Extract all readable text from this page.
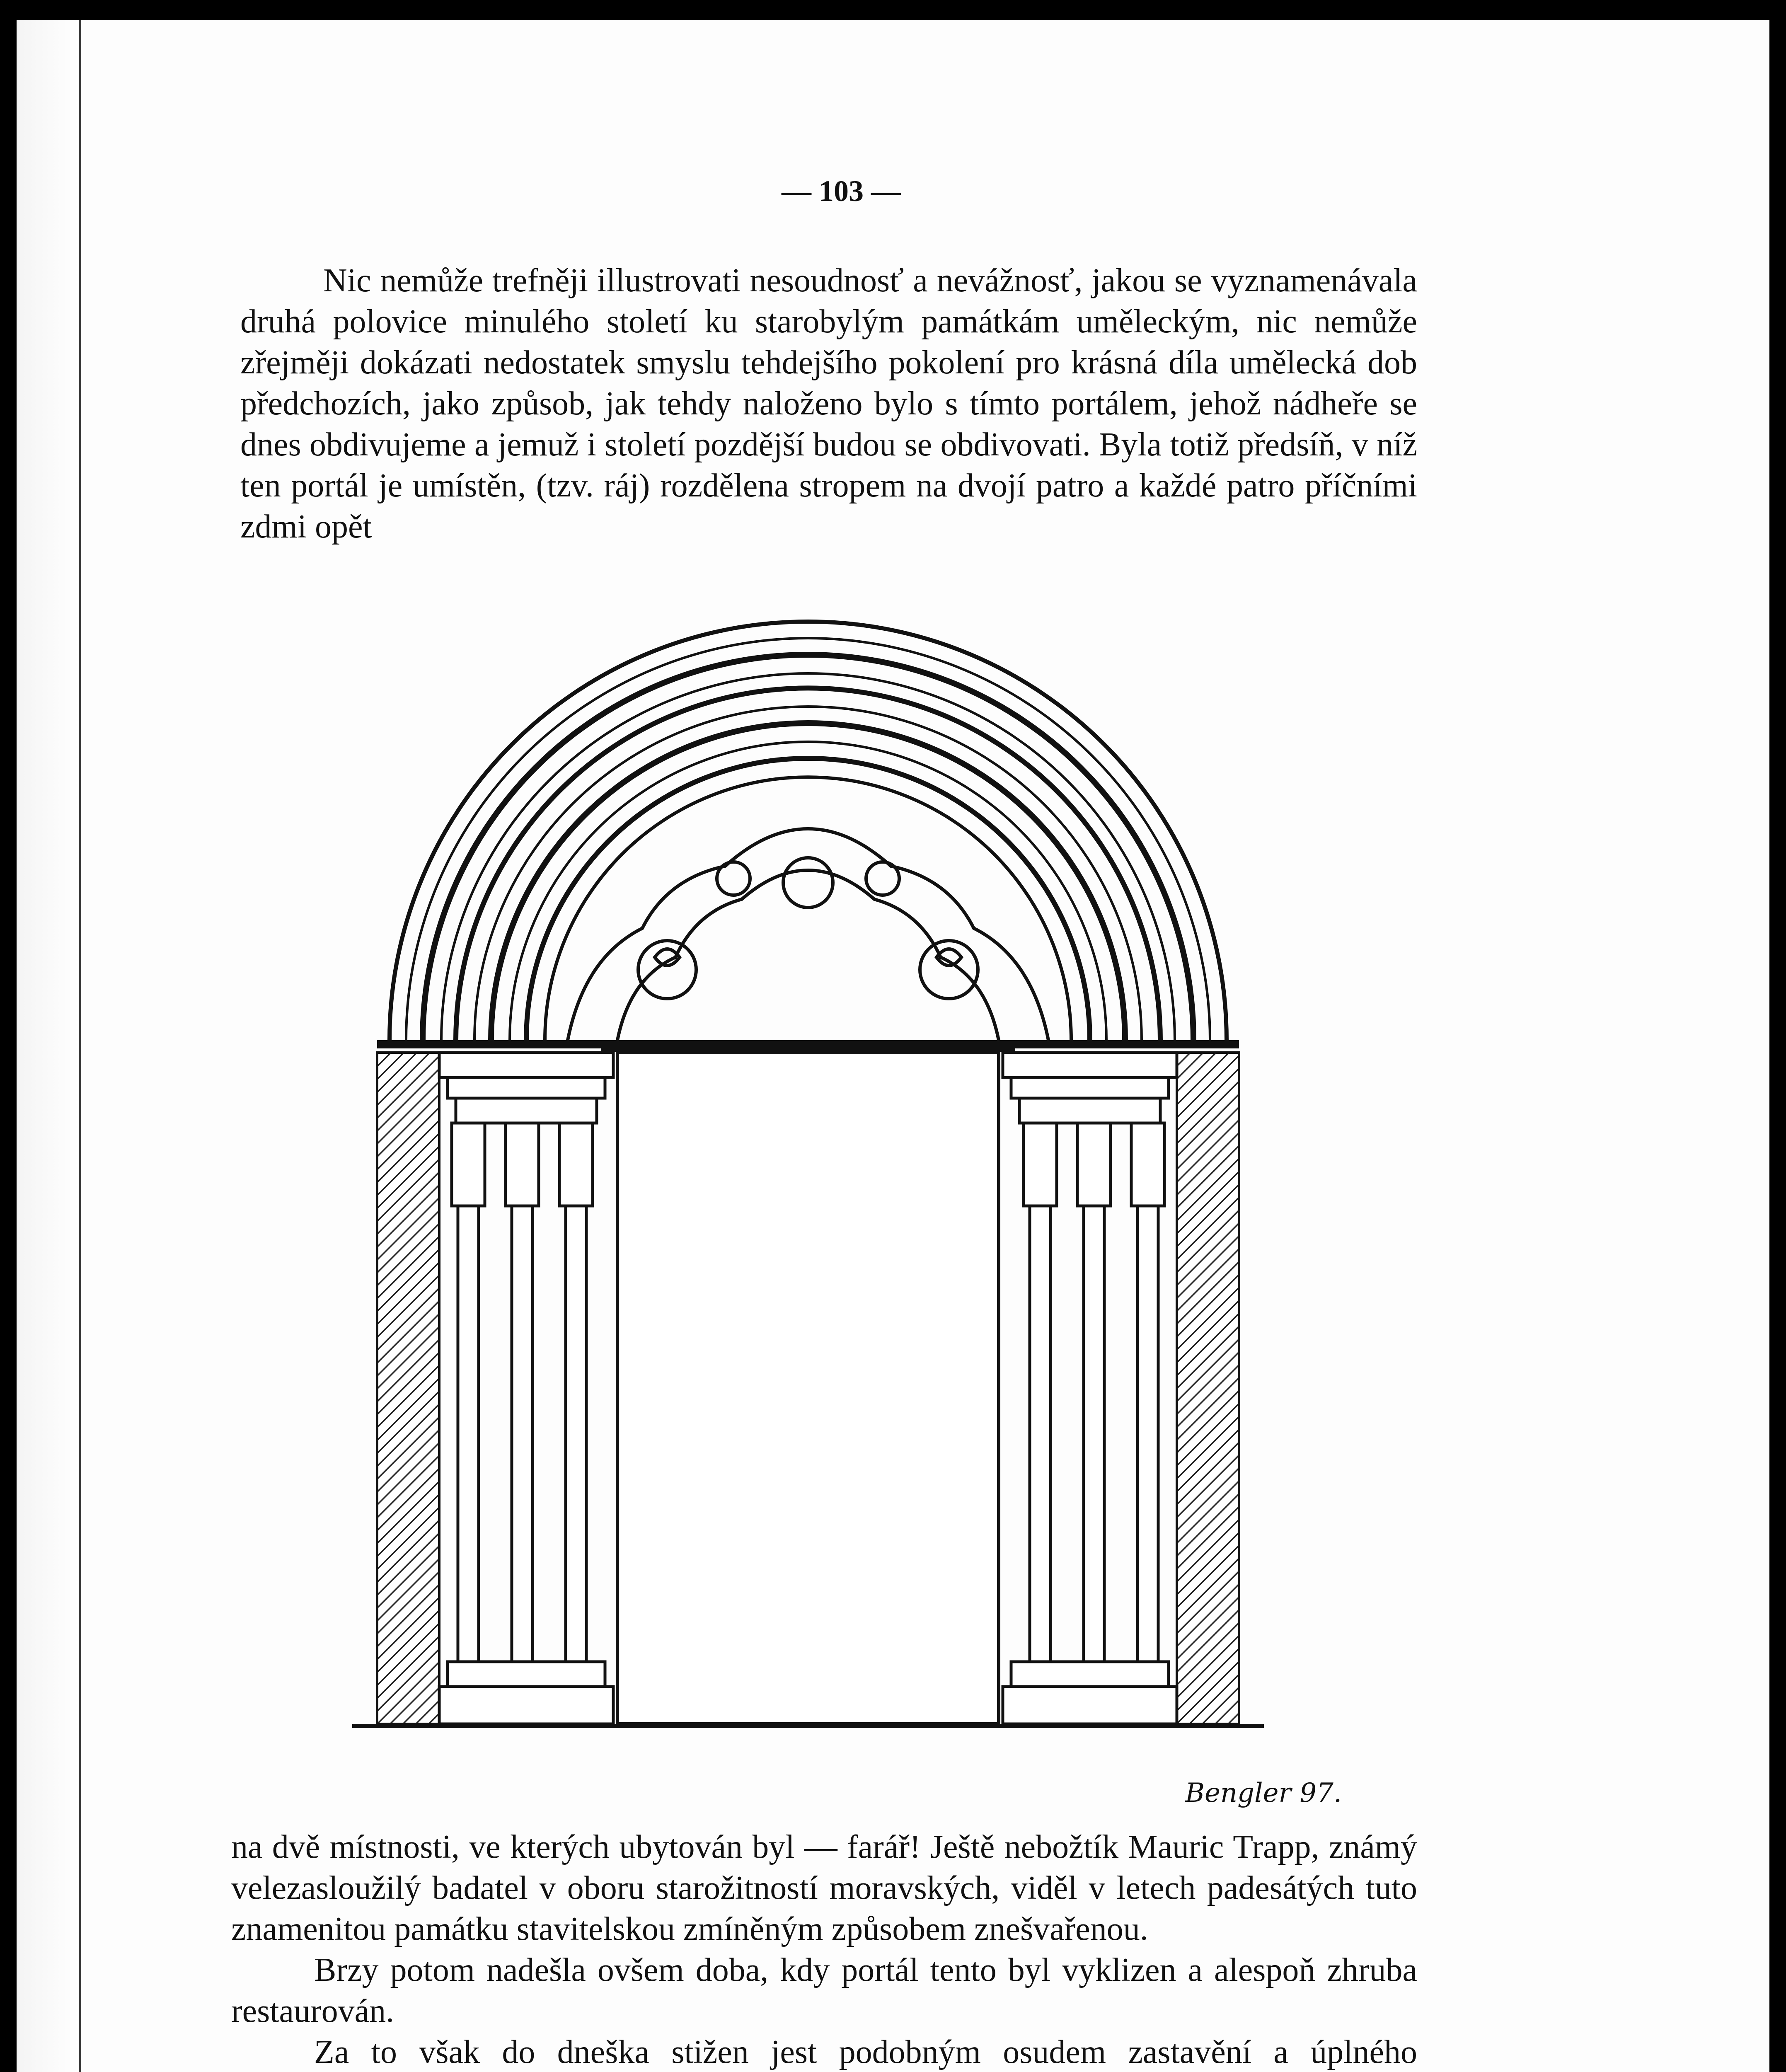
— 103 —

Nic nemůže trefněji illustrovati nesoudnosť a nevážnosť, jakou se vyznamenávala druhá polovice minulého století ku starobylým památkám uměleckým, nic nemůže zřejměji dokázati nedostatek smyslu tehdejšího pokolení pro krásná díla umělecká dob předchozích, jako způsob, jak tehdy naloženo bylo s tímto portálem, jehož nádheře se dnes obdivujeme a jemuž i století pozdější budou se obdivovati. Byla totiž předsíň, v níž ten portál je umístěn, (tzv. ráj) rozdělena stropem na dvojí patro a každé patro příčními zdmi opět

Bengler 97.

na dvě místnosti, ve kterých ubytován byl — farář! Ještě nebožtík Mauric Trapp, známý velezasloužilý badatel v oboru starožitností moravských, viděl v letech padesátých tuto znamenitou památku stavitelskou zmíněným způsobem znešvařenou.

Brzy potom nadešla ovšem doba, kdy portál tento byl vyklizen a alespoň zhruba restaurován.

Za to však do dneška stižen jest podobným osudem zastavění a úplného
